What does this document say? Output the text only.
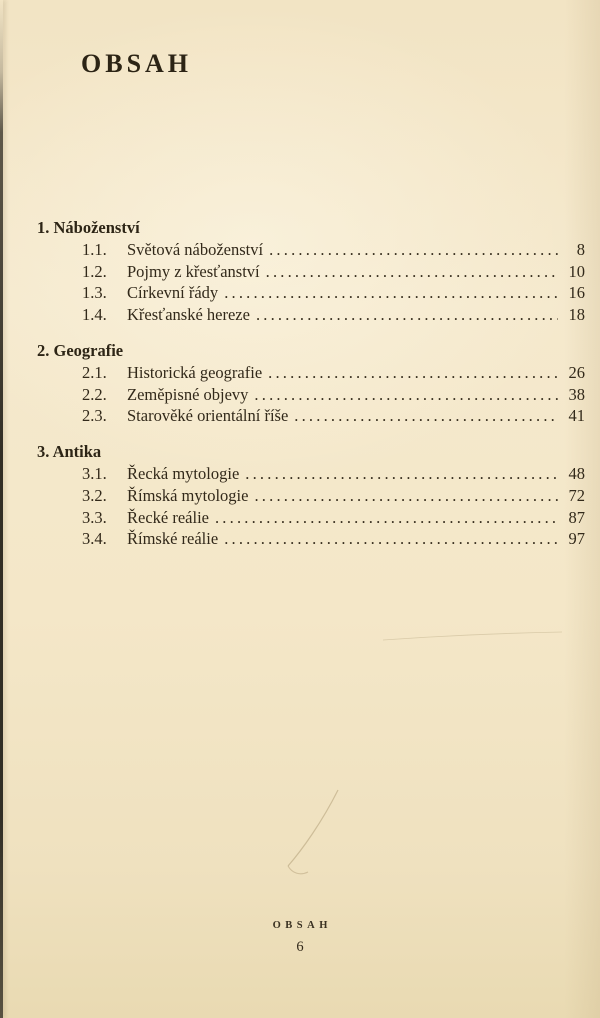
OBSAH
1. Náboženství
1.1.	Světová náboženství .....	8
1.2.	Pojmy z křesťanství .....	10
1.3.	Církevní řády .....	16
1.4.	Křesťanské hereze .....	18
2. Geografie
2.1.	Historická geografie .....	26
2.2.	Zeměpisné objevy .....	38
2.3.	Starověké orientální říše .....	41
3. Antika
3.1.	Řecká mytologie .....	48
3.2.	Římská mytologie .....	72
3.3.	Řecké reálie .....	87
3.4.	Římské reálie .....	97
OBSAH
6
